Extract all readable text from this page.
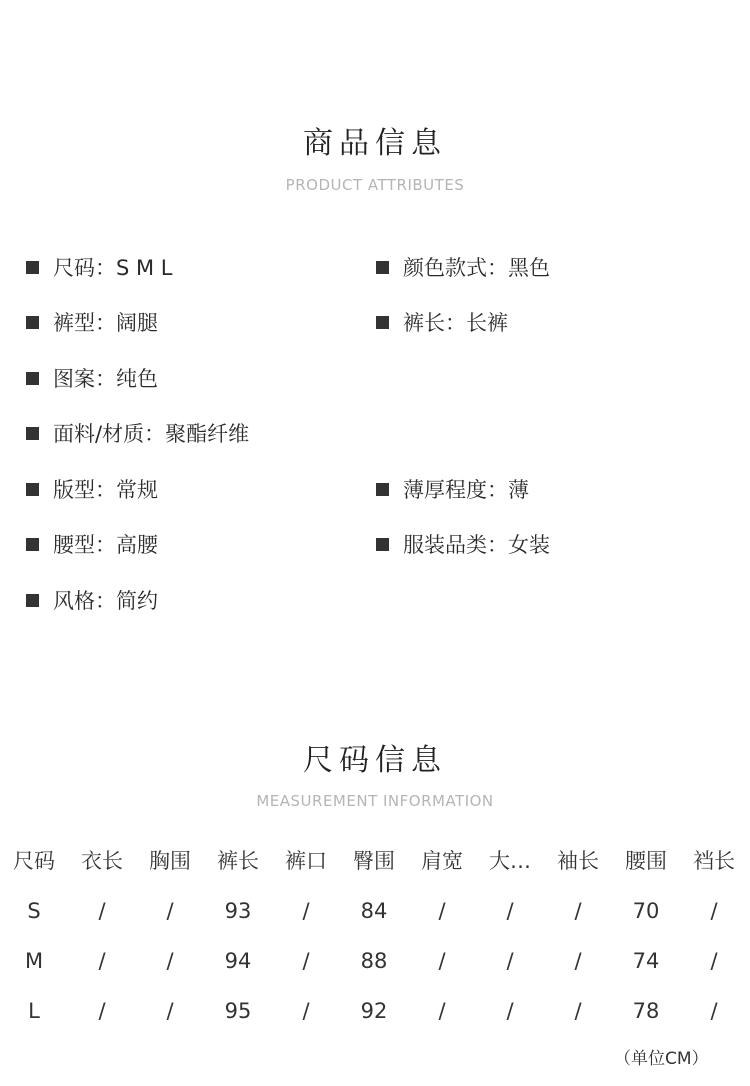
商品信息
PRODUCT ATTRIBUTES
尺码：S M L	颜色款式：黑色
裤型：阔腿	裤长：长裤
图案：纯色
面料/材质：聚酯纤维
版型：常规	薄厚程度：薄
腰型：高腰	服装品类：女装
风格：简约
尺码信息
MEASUREMENT INFORMATION
尺码	衣长	胸围	裤长	裤口	臀围	肩宽	大…	袖长	腰围	裆长
S	/	/	93	/	84	/	/	/	70	/
M	/	/	94	/	88	/	/	/	74	/
L	/	/	95	/	92	/	/	/	78	/
（单位CM）
